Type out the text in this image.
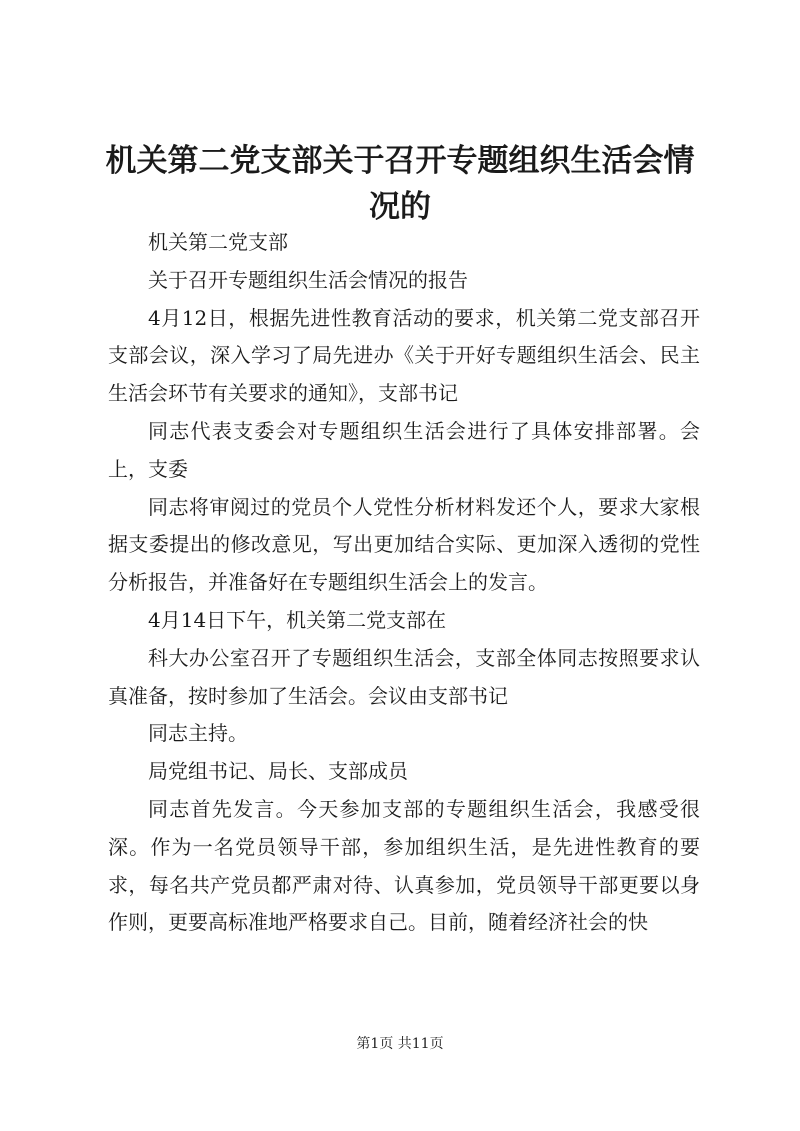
机关第二党支部关于召开专题组织生活会情况的

机关第二党支部

关于召开专题组织生活会情况的报告

4月12日，根据先进性教育活动的要求，机关第二党支部召开支部会议，深入学习了局先进办《关于开好专题组织生活会、民主生活会环节有关要求的通知》，支部书记

同志代表支委会对专题组织生活会进行了具体安排部署。会上，支委

同志将审阅过的党员个人党性分析材料发还个人，要求大家根据支委提出的修改意见，写出更加结合实际、更加深入透彻的党性分析报告，并准备好在专题组织生活会上的发言。

4月14日下午，机关第二党支部在

科大办公室召开了专题组织生活会，支部全体同志按照要求认真准备，按时参加了生活会。会议由支部书记

同志主持。

局党组书记、局长、支部成员

同志首先发言。今天参加支部的专题组织生活会，我感受很深。作为一名党员领导干部，参加组织生活，是先进性教育的要求，每名共产党员都严肃对待、认真参加，党员领导干部更要以身作则，更要高标准地严格要求自己。目前，随着经济社会的快

第1页 共11页
